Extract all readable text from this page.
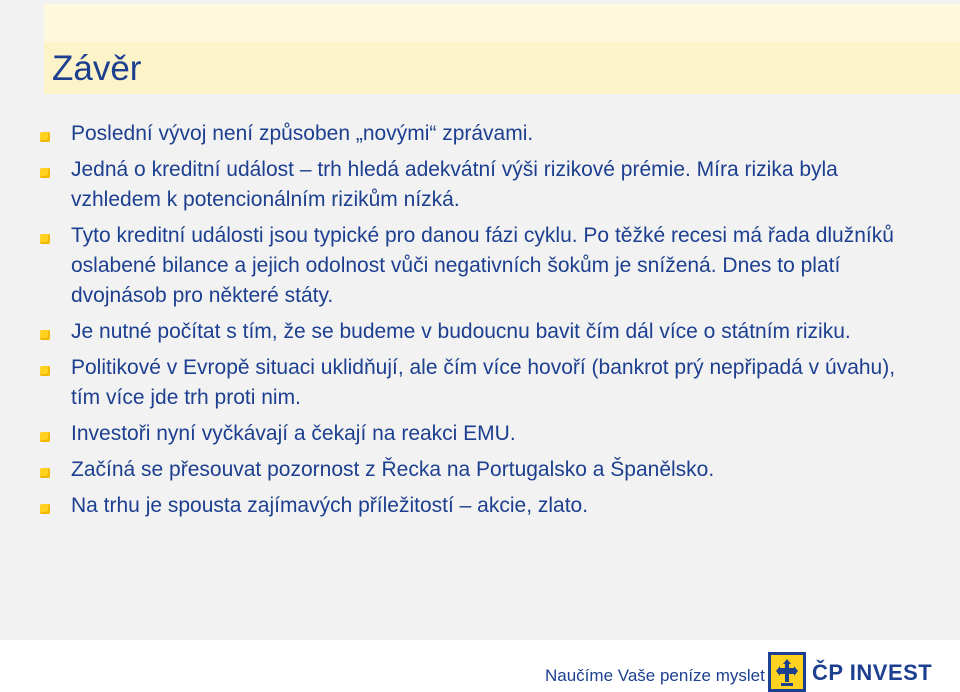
Závěr
Poslední vývoj není způsoben „novými“ zprávami.
Jedná o kreditní událost – trh hledá adekvátní výši rizikové prémie. Míra rizika byla vzhledem k potencionálním rizikům nízká.
Tyto kreditní události jsou typické pro danou fázi cyklu. Po těžké recesi má řada dlužníků oslabené bilance a jejich odolnost vůči negativních šokům je snížená. Dnes to platí dvojnásob pro některé státy.
Je nutné počítat s tím, že se budeme v budoucnu bavit čím dál více o státním riziku.
Politikové v Evropě situaci uklidňují, ale čím více hovoří (bankrot prý nepřipadá v úvahu), tím více jde trh proti nim.
Investoři nyní vyčkávají a čekají na reakci EMU.
Začíná se přesouvat pozornost z Řecka na Portugalsko a Španělsko.
Na trhu je spousta zajímavých příležitostí – akcie, zlato.
Naučíme Vaše peníze myslet ČP INVEST
